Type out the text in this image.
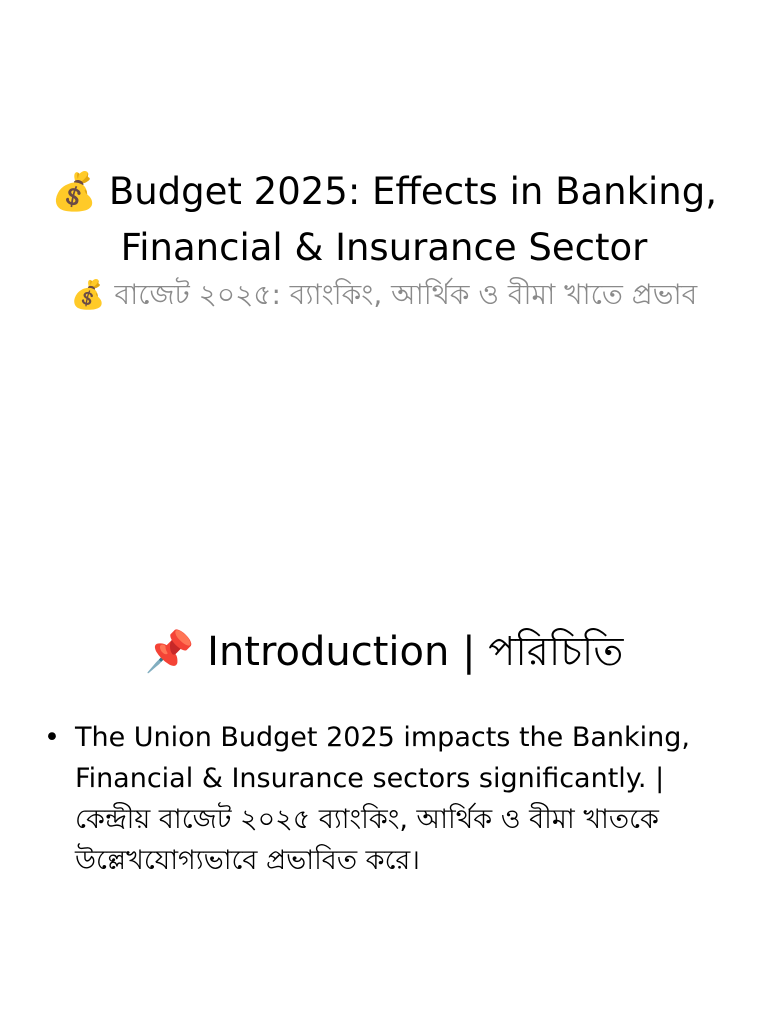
💰 Budget 2025: Effects in Banking, Financial & Insurance Sector

💰 বাজেট ২০২৫: ব্যাংকিং, আর্থিক ও বীমা খাতে প্রভাব

📌 Introduction | পরিচিতি
• The Union Budget 2025 impacts the Banking, Financial & Insurance sectors significantly. | কেন্দ্রীয় বাজেট ২০২৫ ব্যাংকিং, আর্থিক ও বীমা খাতকে উল্লেখযোগ্যভাবে প্রভাবিত করে।
